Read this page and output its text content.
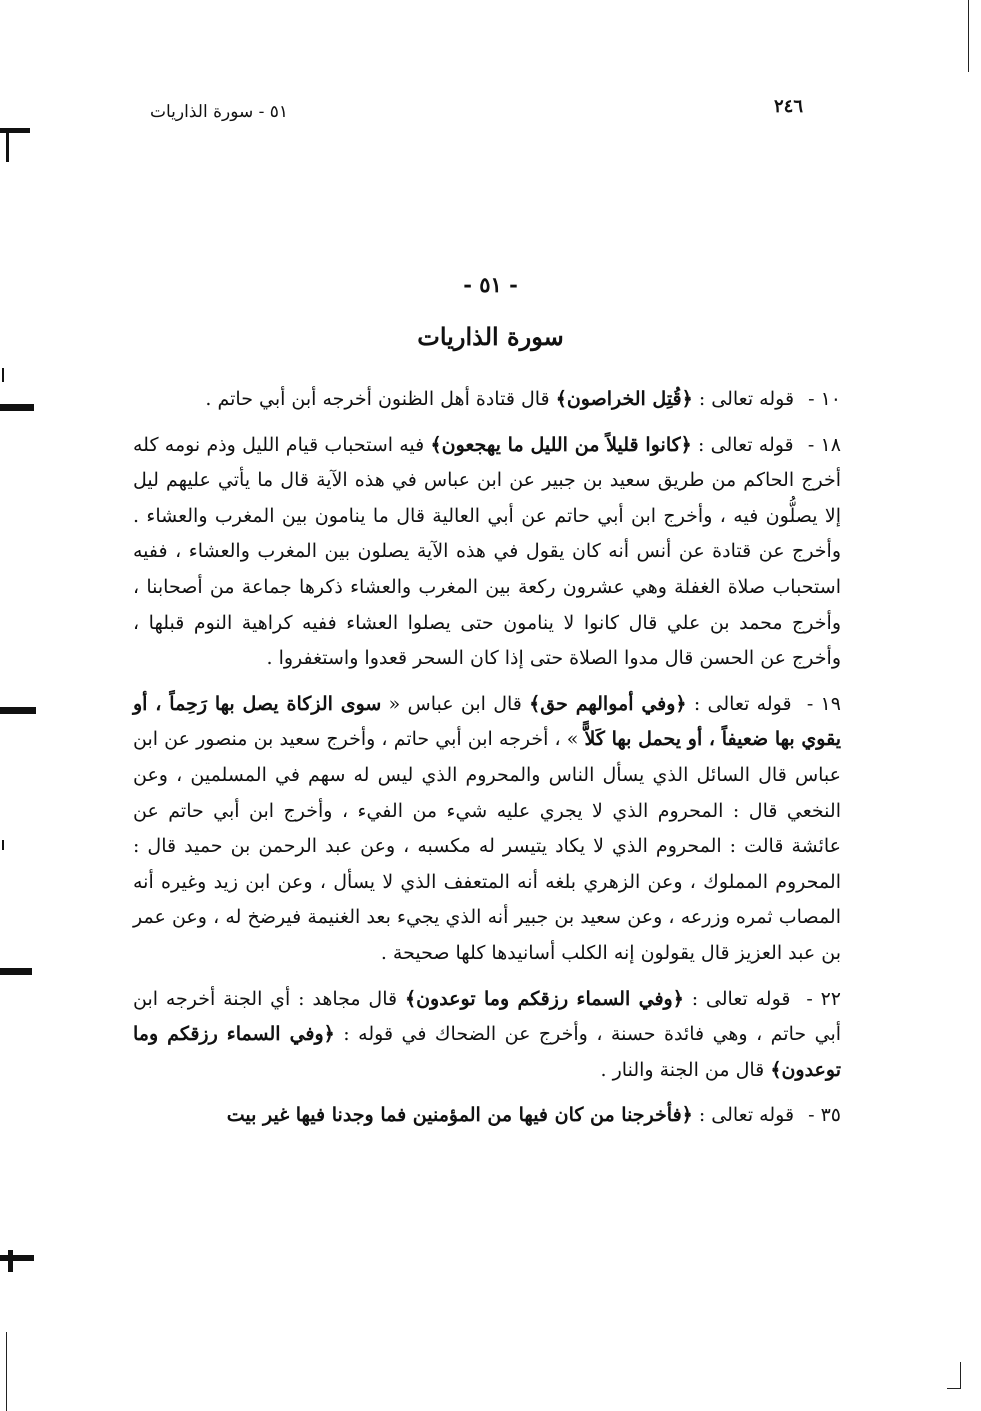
٢٤٦
٥١ - سورة الذاريات
- ٥١ -
سورة الذاريات

١٠ - قوله تعالى : ﴿قُتِل الخراصون﴾ قال قتادة أهل الظنون أخرجه أبن أبي حاتم .

١٨ - قوله تعالى : ﴿كانوا قليلاً من الليل ما يهجعون﴾ فيه استحباب قيام الليل وذم نومه كله أخرج الحاكم من طريق سعيد بن جبير عن ابن عباس في هذه الآية قال ما يأتي عليهم ليل إلا يصلُّون فيه ، وأخرج ابن أبي حاتم عن أبي العالية قال ما ينامون بين المغرب والعشاء . وأخرج عن قتادة عن أنس أنه كان يقول في هذه الآية يصلون بين المغرب والعشاء ، ففيه استحباب صلاة الغفلة وهي عشرون ركعة بين المغرب والعشاء ذكرها جماعة من أصحابنا ، وأخرج محمد بن علي قال كانوا لا ينامون حتى يصلوا العشاء ففيه كراهية النوم قبلها ، وأخرج عن الحسن قال مدوا الصلاة حتى إذا كان السحر قعدوا واستغفروا .

١٩ - قوله تعالى : ﴿وفي أموالهم حق﴾ قال ابن عباس « سوى الزكاة يصل بها رَحِماً ، أو يقوي بها ضعيفاً ، أو يحمل بها كَلاًّ » ، أخرجه ابن أبي حاتم ، وأخرج سعيد بن منصور عن ابن عباس قال السائل الذي يسأل الناس والمحروم الذي ليس له سهم في المسلمين ، وعن النخعي قال : المحروم الذي لا يجري عليه شيء من الفيء ، وأخرج ابن أبي حاتم عن عائشة قالت : المحروم الذي لا يكاد يتيسر له مكسبه ، وعن عبد الرحمن بن حميد قال : المحروم المملوك ، وعن الزهري بلغه أنه المتعفف الذي لا يسأل ، وعن ابن زيد وغيره أنه المصاب ثمره وزرعه ، وعن سعيد بن جبير أنه الذي يجيء بعد الغنيمة فيرضخ له ، وعن عمر بن عبد العزيز قال يقولون إنه الكلب أسانيدها كلها صحيحة .

٢٢ - قوله تعالى : ﴿وفي السماء رزقكم وما توعدون﴾ قال مجاهد : أي الجنة أخرجه ابن أبي حاتم ، وهي فائدة حسنة ، وأخرج عن الضحاك في قوله : ﴿وفي السماء رزقكم وما توعدون﴾ قال من الجنة والنار .

٣٥ - قوله تعالى : ﴿فأخرجنا من كان فيها من المؤمنين فما وجدنا فيها غير بيت
